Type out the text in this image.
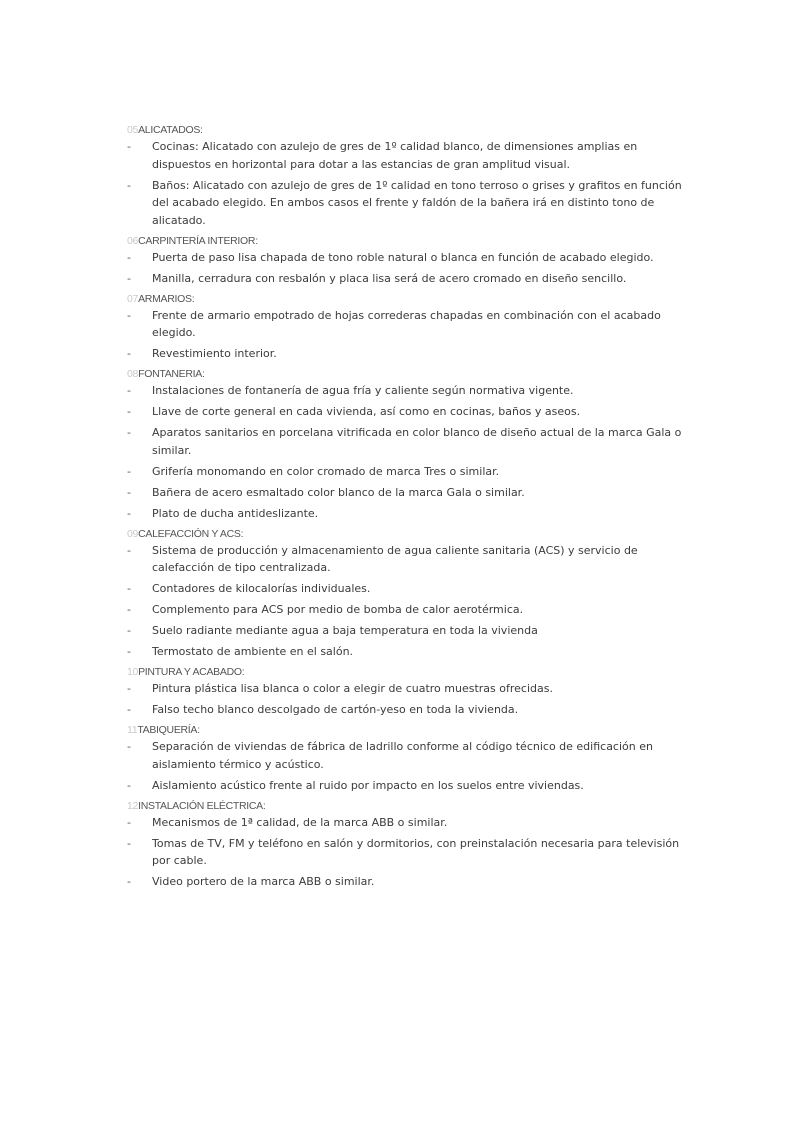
05ALICATADOS:
- Cocinas: Alicatado con azulejo de gres de 1º calidad blanco, de dimensiones amplias en dispuestos en horizontal para dotar a las estancias de gran amplitud visual.
- Baños: Alicatado con azulejo de gres de 1º calidad en tono terroso o grises y grafitos en función del acabado elegido. En ambos casos el frente y faldón de la bañera irá en distinto tono de alicatado.
06CARPINTERÍA INTERIOR:
- Puerta de paso lisa chapada de tono roble natural o blanca en función de acabado elegido.
- Manilla, cerradura con resbalón y placa lisa será de acero cromado en diseño sencillo.
07ARMARIOS:
- Frente de armario empotrado de hojas correderas chapadas en combinación con el acabado elegido.
- Revestimiento interior.
08FONTANERIA:
- Instalaciones de fontanería de agua fría y caliente según normativa vigente.
- Llave de corte general en cada vivienda, así como en cocinas, baños y aseos.
- Aparatos sanitarios en porcelana vitrificada en color blanco de diseño actual de la marca Gala o similar.
- Grifería monomando en color cromado de marca Tres o similar.
- Bañera de acero esmaltado color blanco de la marca Gala o similar.
- Plato de ducha antideslizante.
09CALEFACCIÓN Y ACS:
- Sistema de producción y almacenamiento de agua caliente sanitaria (ACS) y servicio de calefacción de tipo centralizada.
- Contadores de kilocalorías individuales.
- Complemento para ACS por medio de bomba de calor aerotérmica.
- Suelo radiante mediante agua a baja temperatura en toda la vivienda
- Termostato de ambiente en el salón.
10PINTURA Y ACABADO:
- Pintura plástica lisa blanca o color a elegir de cuatro muestras ofrecidas.
- Falso techo blanco descolgado de cartón-yeso en toda la vivienda.
11TABIQUERÍA:
- Separación de viviendas de fábrica de ladrillo conforme al código técnico de edificación en aislamiento térmico y acústico.
- Aislamiento acústico frente al ruido por impacto en los suelos entre viviendas.
12INSTALACIÓN ELÉCTRICA:
- Mecanismos de 1ª calidad, de la marca ABB o similar.
- Tomas de TV, FM y teléfono en salón y dormitorios, con preinstalación necesaria para televisión por cable.
- Video portero de la marca ABB o similar.
